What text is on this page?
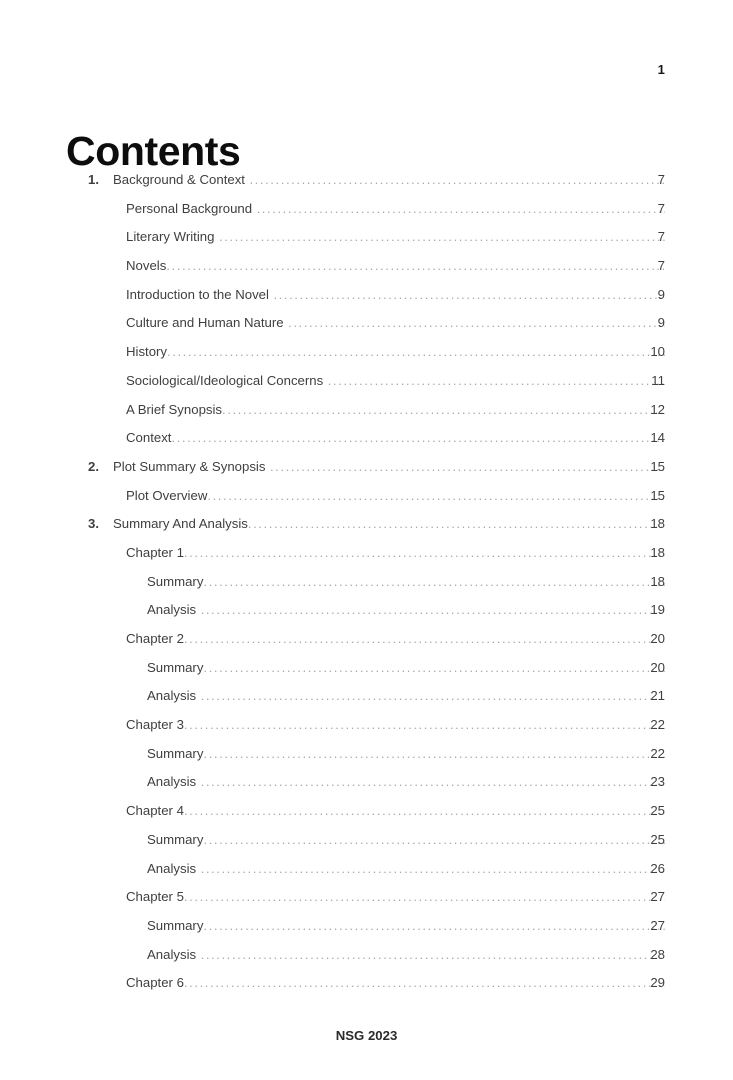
1
Contents
1.	Background & Context .....	7
Personal Background .....	7
Literary Writing .....	7
Novels .....	7
Introduction to the Novel .....	9
Culture and Human Nature .....	9
History .....	10
Sociological/Ideological Concerns .....	11
A Brief Synopsis .....	12
Context .....	14
2.	Plot Summary & Synopsis .....	15
Plot Overview .....	15
3.	Summary And Analysis .....	18
Chapter 1 .....	18
Summary .....	18
Analysis .....	19
Chapter 2 .....	20
Summary .....	20
Analysis .....	21
Chapter 3 .....	22
Summary .....	22
Analysis .....	23
Chapter 4 .....	25
Summary .....	25
Analysis .....	26
Chapter 5 .....	27
Summary .....	27
Analysis .....	28
Chapter 6 .....	29
NSG 2023
